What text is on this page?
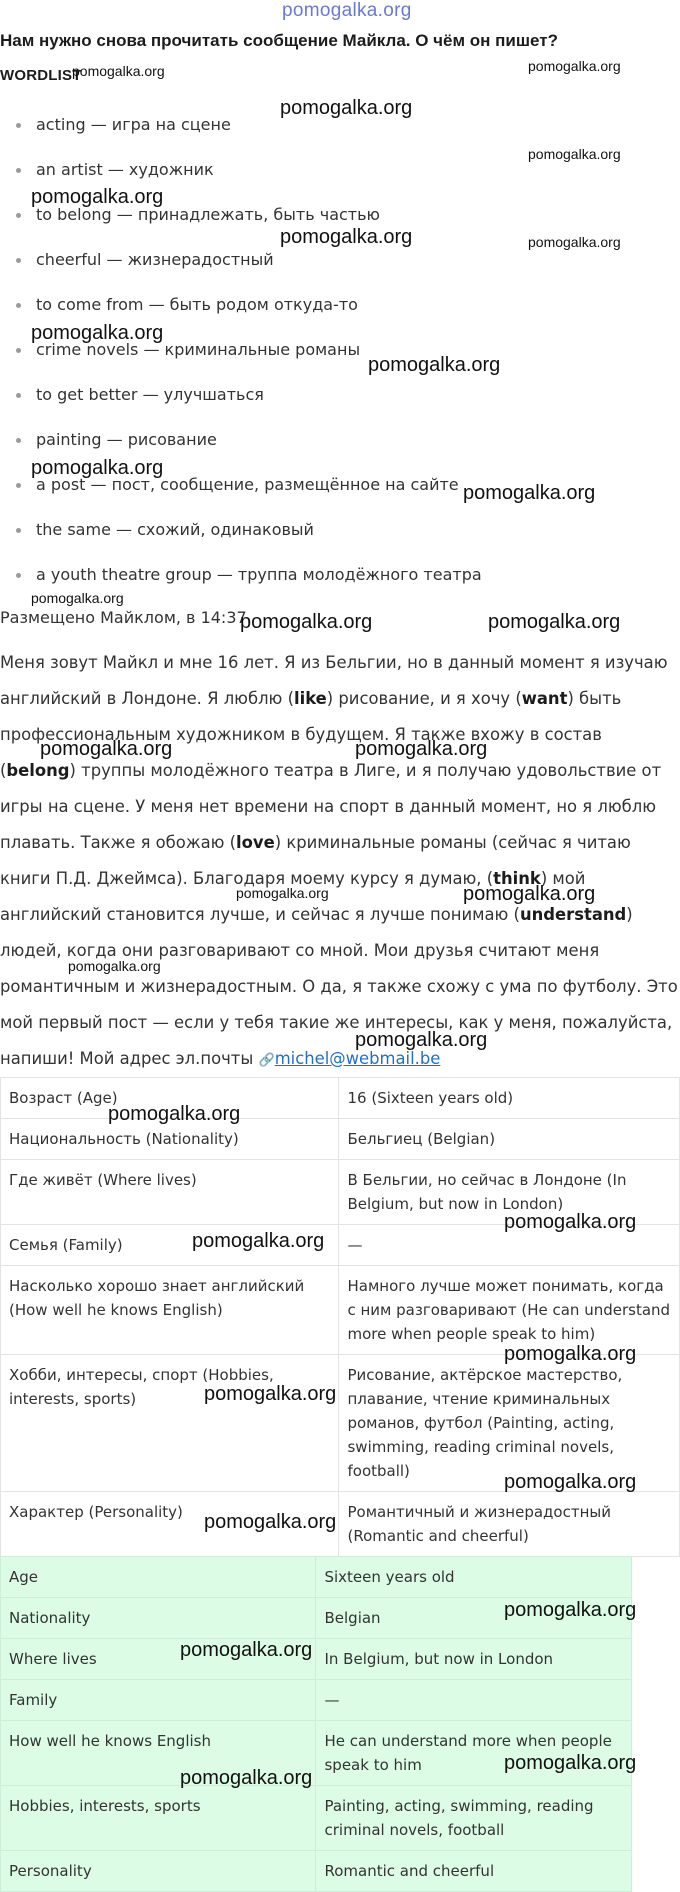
pomogalka.org
Нам нужно снова прочитать сообщение Майкла. О чём он пишет?
WORDLIST
acting — игра на сцене
an artist — художник
to belong — принадлежать, быть частью
cheerful — жизнерадостный
to come from — быть родом откуда-то
crime novels — криминальные романы
to get better — улучшаться
painting — рисование
a post — пост, сообщение, размещённое на сайте
the same — схожий, одинаковый
a youth theatre group — труппа молодёжного театра
Размещено Майклом, в 14:37.

Меня зовут Майкл и мне 16 лет. Я из Бельгии, но в данный момент я изучаю английский в Лондоне. Я люблю (like) рисование, и я хочу (want) быть профессиональным художником в будущем. Я также вхожу в состав (belong) труппы молодёжного театра в Лиге, и я получаю удовольствие от игры на сцене. У меня нет времени на спорт в данный момент, но я люблю плавать. Также я обожаю (love) криминальные романы (сейчас я читаю книги П.Д. Джеймса). Благодаря моему курсу я думаю, (think) мой английский становится лучше, и сейчас я лучше понимаю (understand) людей, когда они разговаривают со мной. Мои друзья считают меня романтичным и жизнерадостным. О да, я также схожу с ума по футболу. Это мой первый пост — если у тебя такие же интересы, как у меня, пожалуйста, напиши! Мой адрес эл.почты 🔗michel@webmail.be

Возраст (Age)	16 (Sixteen years old)
Национальность (Nationality)	Бельгиец (Belgian)
Где живёт (Where lives)	В Бельгии, но сейчас в Лондоне (In Belgium, but now in London)
Семья (Family)	—
Насколько хорошо знает английский (How well he knows English)	Намного лучше может понимать, когда с ним разговаривают (He can understand more when people speak to him)
Хобби, интересы, спорт (Hobbies, interests, sports)	Рисование, актёрское мастерство, плавание, чтение криминальных романов, футбол (Painting, acting, swimming, reading criminal novels, football)
Характер (Personality)	Романтичный и жизнерадостный (Romantic and cheerful)
Age	Sixteen years old
Nationality	Belgian
Where lives	In Belgium, but now in London
Family	—
How well he knows English	He can understand more when people speak to him
Hobbies, interests, sports	Painting, acting, swimming, reading criminal novels, football
Personality	Romantic and cheerful
pomogalka.org	pomogalka.org
pomogalka.org
pomogalka.org
pomogalka.org
pomogalka.org	pomogalka.org
pomogalka.org
pomogalka.org
pomogalka.org
pomogalka.org
pomogalka.org
pomogalka.org	pomogalka.org
pomogalka.org	pomogalka.org
pomogalka.org	pomogalka.org
pomogalka.org
pomogalka.org
pomogalka.org
pomogalka.org
pomogalka.org
pomogalka.org
pomogalka.org
pomogalka.org
pomogalka.org
pomogalka.org
pomogalka.org
pomogalka.org
pomogalka.org
